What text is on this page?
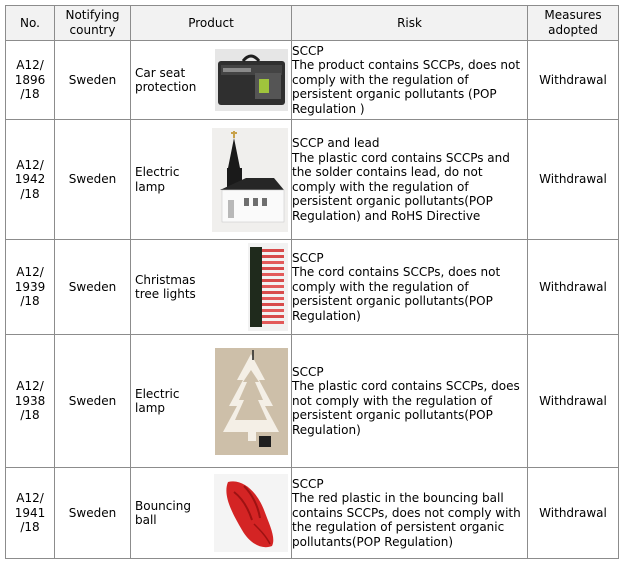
No.	Notifying
country	Product	Risk	Measures
adopted

A12/
1896
/18	Sweden	Car seat
protection	SCCP
The product contains SCCPs, does not comply with the regulation of persistent organic pollutants (POP Regulation )	Withdrawal

A12/
1942
/18	Sweden	Electric
lamp	SCCP and lead
The plastic cord contains SCCPs and the solder contains lead, do not comply with the regulation of persistent organic pollutants(POP Regulation) and RoHS Directive	Withdrawal

A12/
1939
/18	Sweden	Christmas
tree lights	SCCP
The cord contains SCCPs, does not comply with the regulation of persistent organic pollutants(POP Regulation)	Withdrawal

A12/
1938
/18	Sweden	Electric
lamp	SCCP
The plastic cord contains SCCPs, does not comply with the regulation of persistent organic pollutants(POP Regulation)	Withdrawal

A12/
1941
/18	Sweden	Bouncing
ball	SCCP
The red plastic in the bouncing ball contains SCCPs, does not comply with the regulation of persistent organic pollutants(POP Regulation)	Withdrawal
